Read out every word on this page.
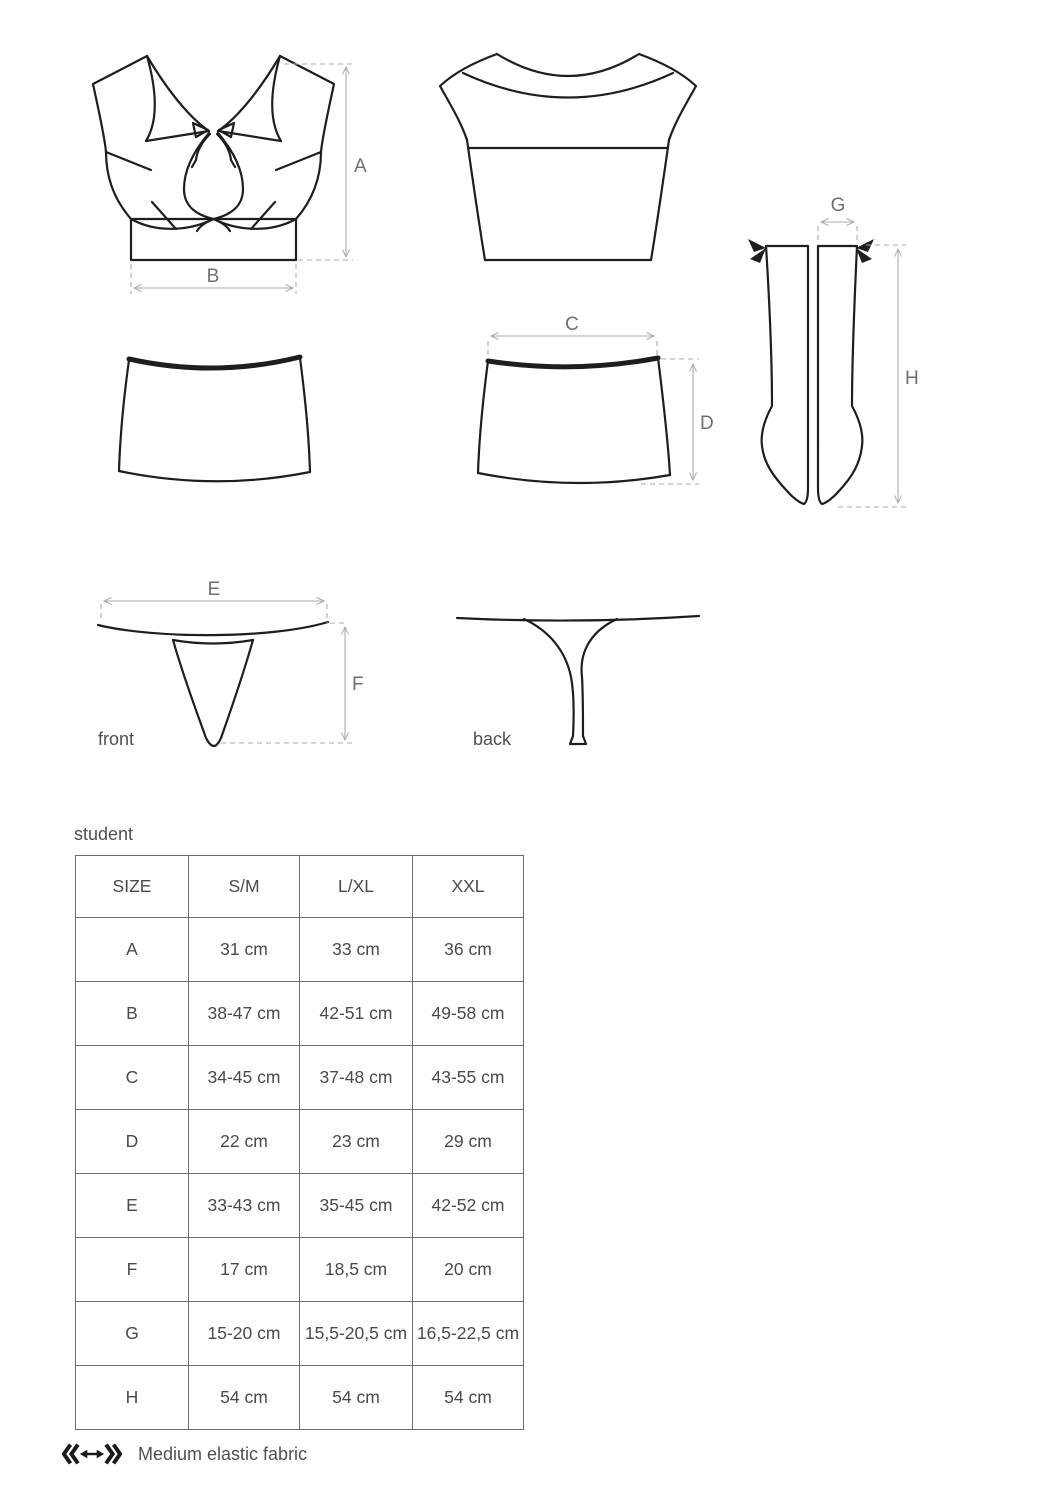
A
B
C
D
G
H
front
E
F
back
student
SIZE	S/M	L/XL	XXL
A	31 cm	33 cm	36 cm
B	38-47 cm	42-51 cm	49-58 cm
C	34-45 cm	37-48 cm	43-55 cm
D	22 cm	23 cm	29 cm
E	33-43 cm	35-45 cm	42-52 cm
F	17 cm	18,5 cm	20 cm
G	15-20 cm	15,5-20,5 cm	16,5-22,5 cm
H	54 cm	54 cm	54 cm
Medium elastic fabric
